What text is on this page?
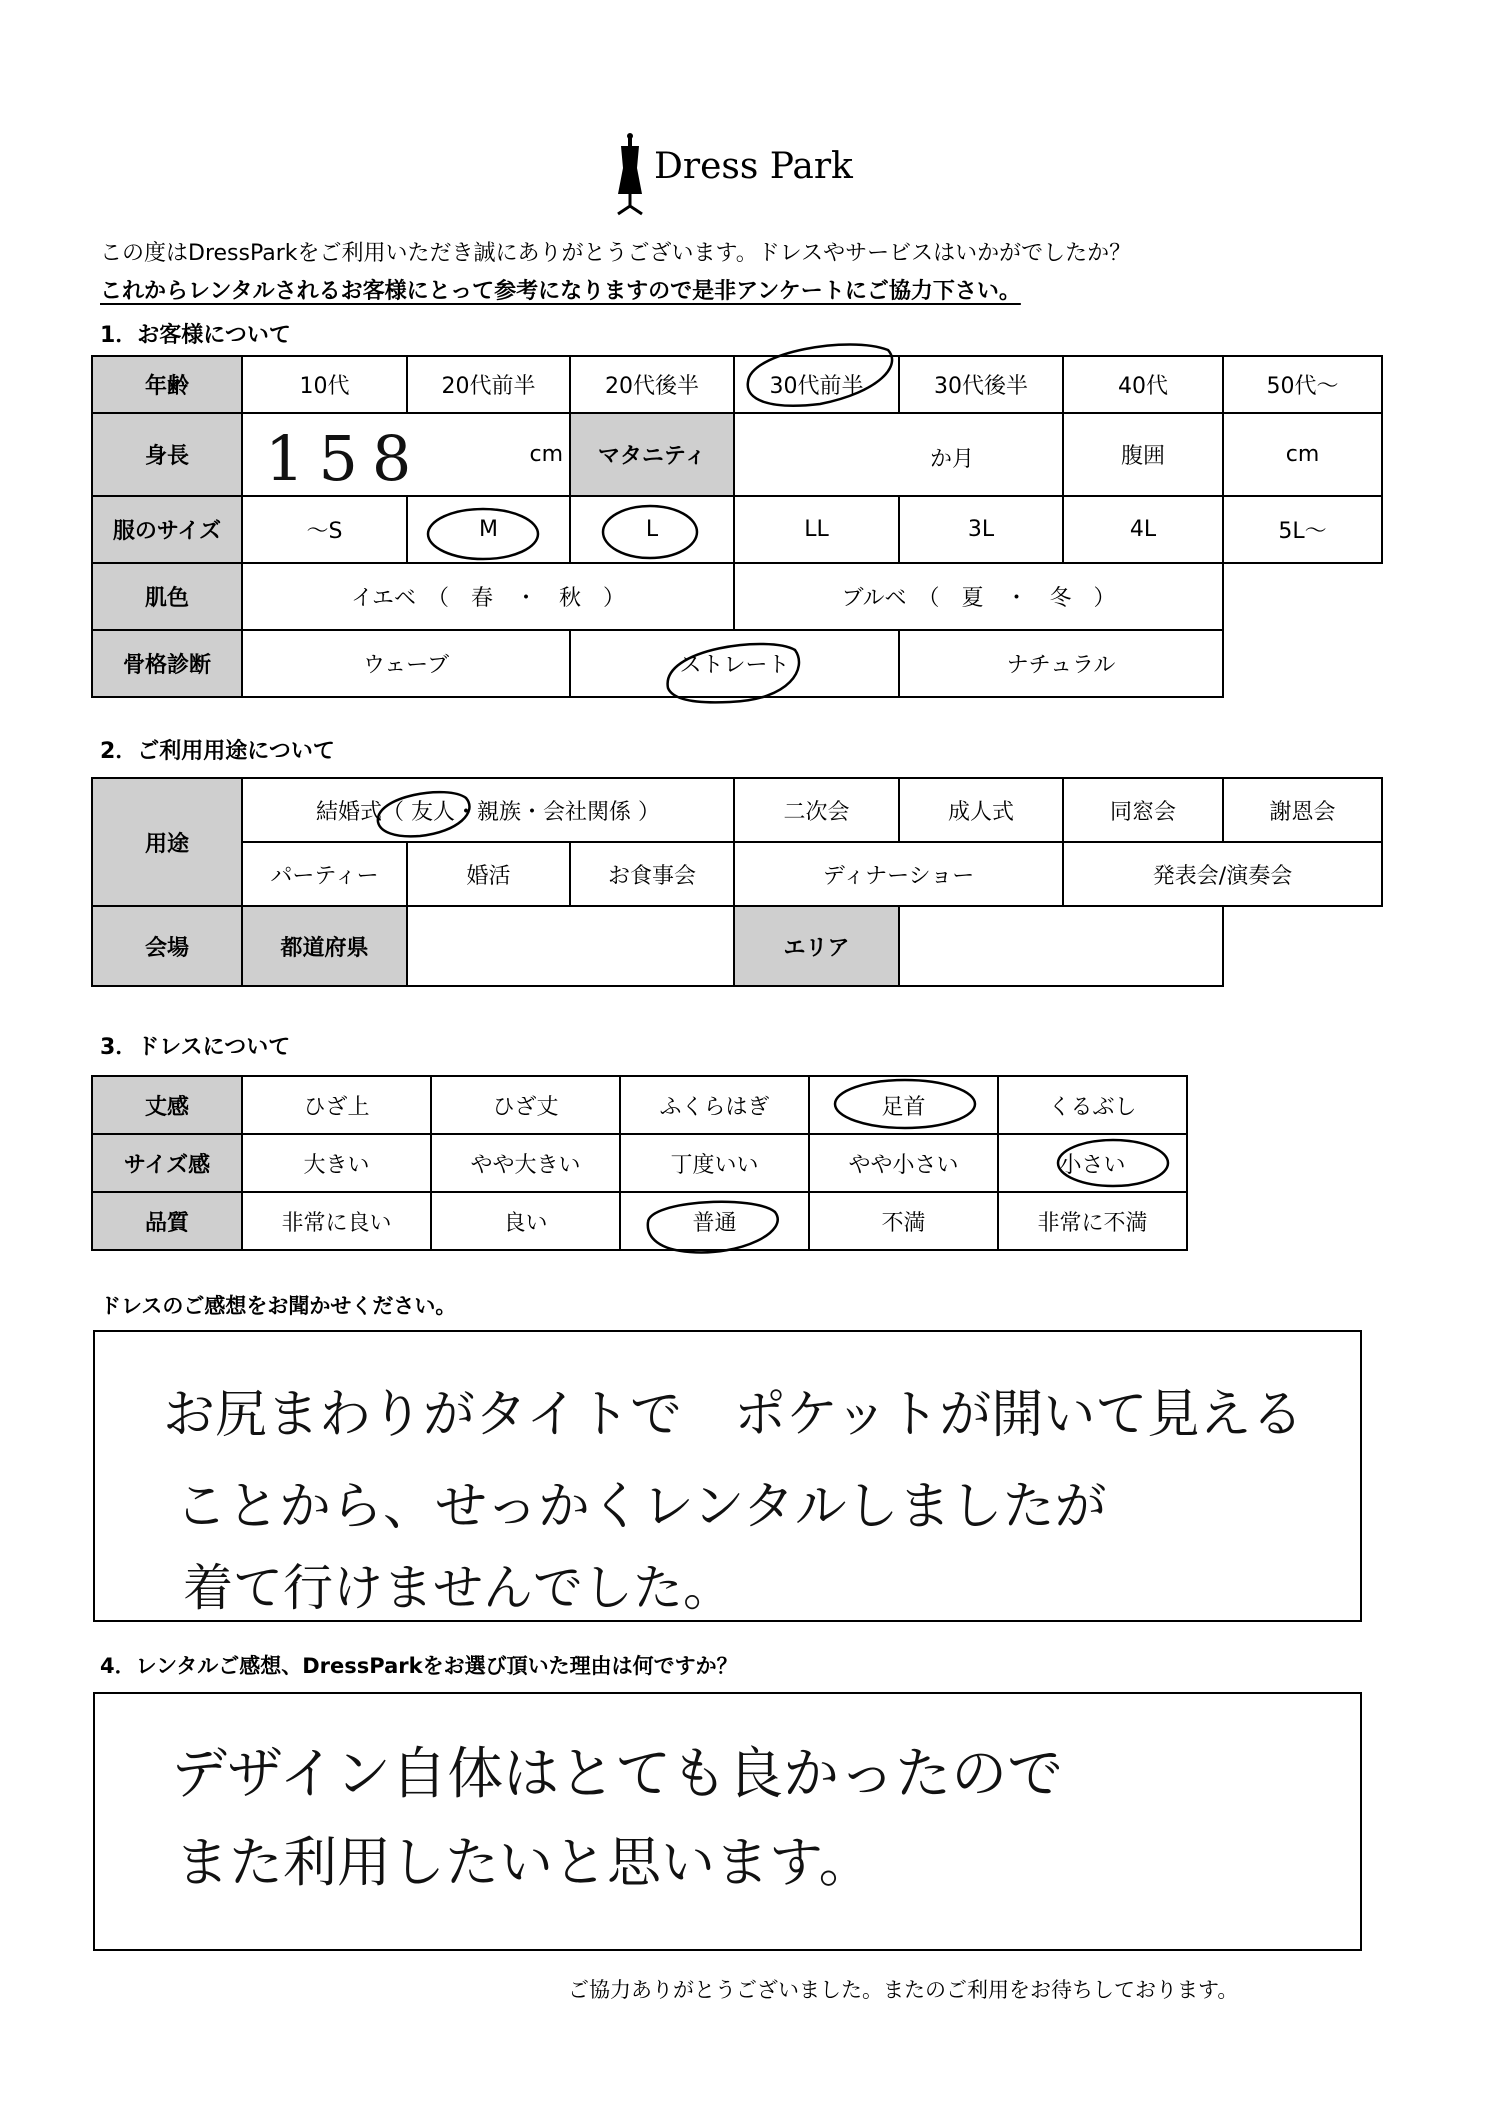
Dress Park
この度はDressParkをご利用いただき誠にありがとうございます。ドレスやサービスはいかがでしたか？
これからレンタルされるお客様にとって参考になりますので是非アンケートにご協力下さい。
1．お客様について
年齢	10代	20代前半	20代後半	30代前半	30代後半	40代	50代～
身長	158 cm		マタニティ	か月		腹囲	cm
服のサイズ	～S	M	L	LL	3L	4L	5L～
肌色	イエベ　（　春　・　秋　）			ブルベ　（　夏　・　冬　）			
骨格診断	ウェーブ		ストレート		ナチュラル		
2．ご利用用途について
用途	結婚式（ 友人・親族・会社関係 ）			二次会	成人式	同窓会	謝恩会
	パーティー	婚活	お食事会	ディナーショー		発表会/演奏会	
会場	都道府県			エリア			
3．ドレスについて
丈感	ひざ上	ひざ丈	ふくらはぎ	足首	くるぶし
サイズ感	大きい	やや大きい	丁度いい	やや小さい	小さい
品質	非常に良い	良い	普通	不満	非常に不満
ドレスのご感想をお聞かせください。
お尻まわりがタイトで　ポケットが開いて見える
ことから、せっかくレンタルしましたが
着て行けませんでした。
4．レンタルご感想、DressParkをお選び頂いた理由は何ですか？
デザイン自体はとても良かったので
また利用したいと思います。
ご協力ありがとうございました。またのご利用をお待ちしております。
